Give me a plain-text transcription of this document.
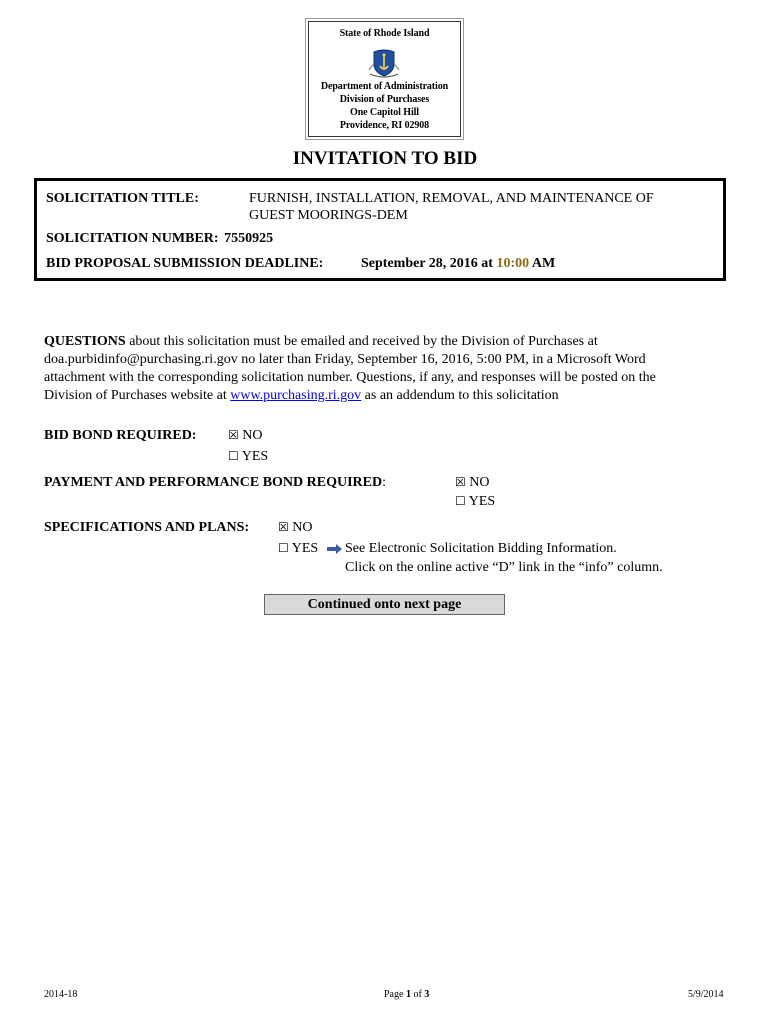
State of Rhode Island
Department of Administration
Division of Purchases
One Capitol Hill
Providence, RI 02908
INVITATION TO BID
SOLICITATION TITLE:	FURNISH, INSTALLATION, REMOVAL, AND MAINTENANCE OF
GUEST MOORINGS-DEM
SOLICITATION NUMBER: 7550925
BID PROPOSAL SUBMISSION DEADLINE:	September 28, 2016 at 10:00 AM
QUESTIONS about this solicitation must be emailed and received by the Division of Purchases at
doa.purbidinfo@purchasing.ri.gov no later than Friday, September 16, 2016, 5:00 PM, in a Microsoft Word
attachment with the corresponding solicitation number. Questions, if any, and responses will be posted on the
Division of Purchases website at www.purchasing.ri.gov as an addendum to this solicitation
BID BOND REQUIRED:	☒ NO
☐ YES
PAYMENT AND PERFORMANCE BOND REQUIRED:	☒ NO
☐ YES
SPECIFICATIONS AND PLANS: ☒ NO
☐ YES See Electronic Solicitation Bidding Information.
Click on the online active “D” link in the “info” column.
Continued onto next page
2014-18	Page 1 of 3	5/9/2014
